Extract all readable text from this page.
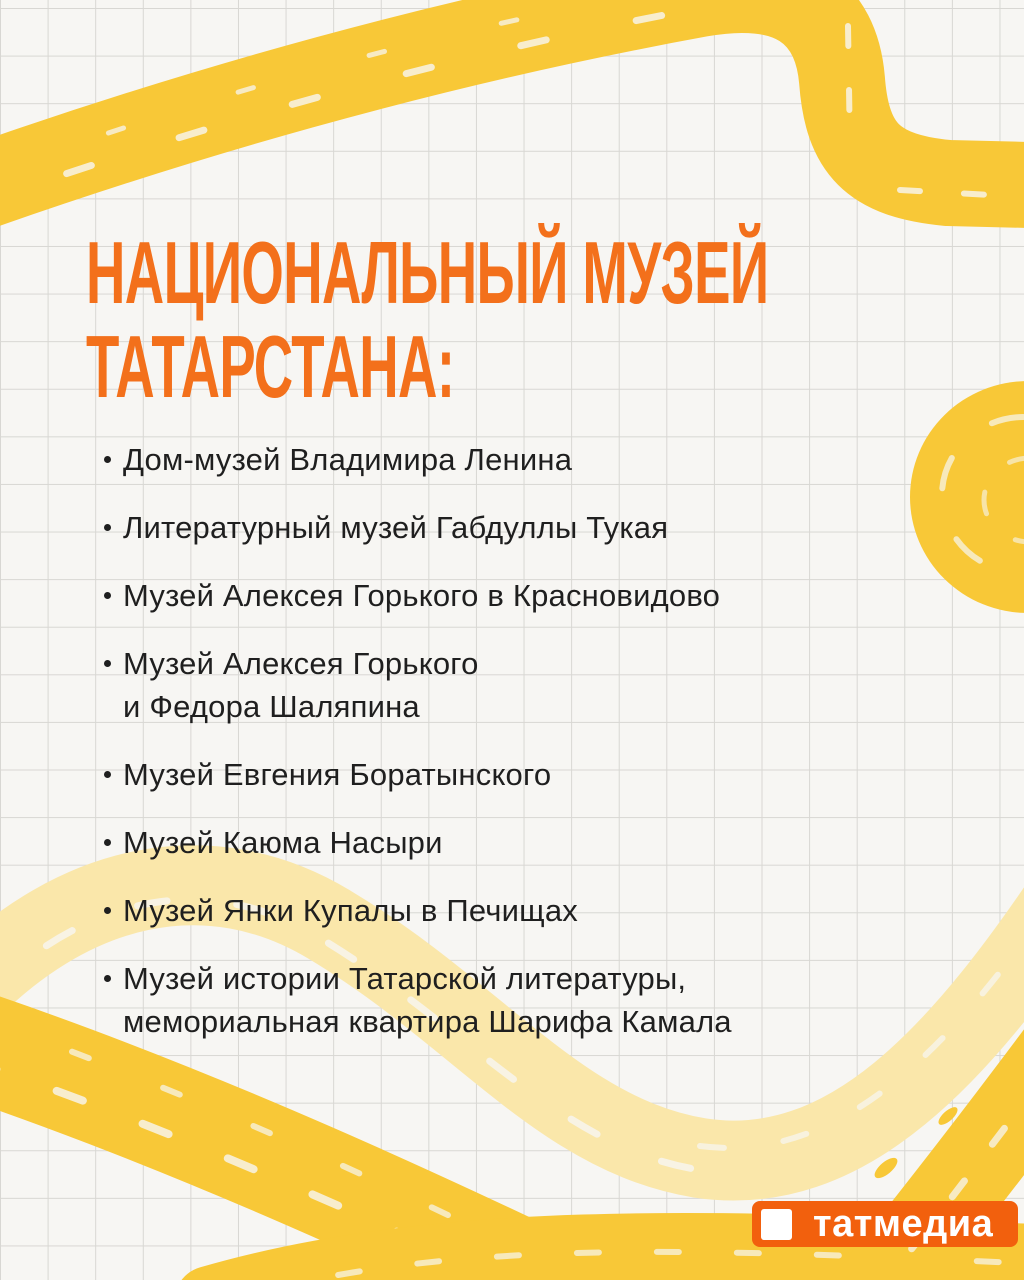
НАЦИОНАЛЬНЫЙ МУЗЕЙ
ТАТАРСТАНА:
Дом-музей Владимира Ленина
Литературный музей Габдуллы Тукая
Музей Алексея Горького в Красновидово
Музей Алексея Горького
и Федора Шаляпина
Музей Евгения Боратынского
Музей Каюма Насыри
Музей Янки Купалы в Печищах
Музей истории Татарской литературы,
мемориальная квартира Шарифа Камала
татмедиа
